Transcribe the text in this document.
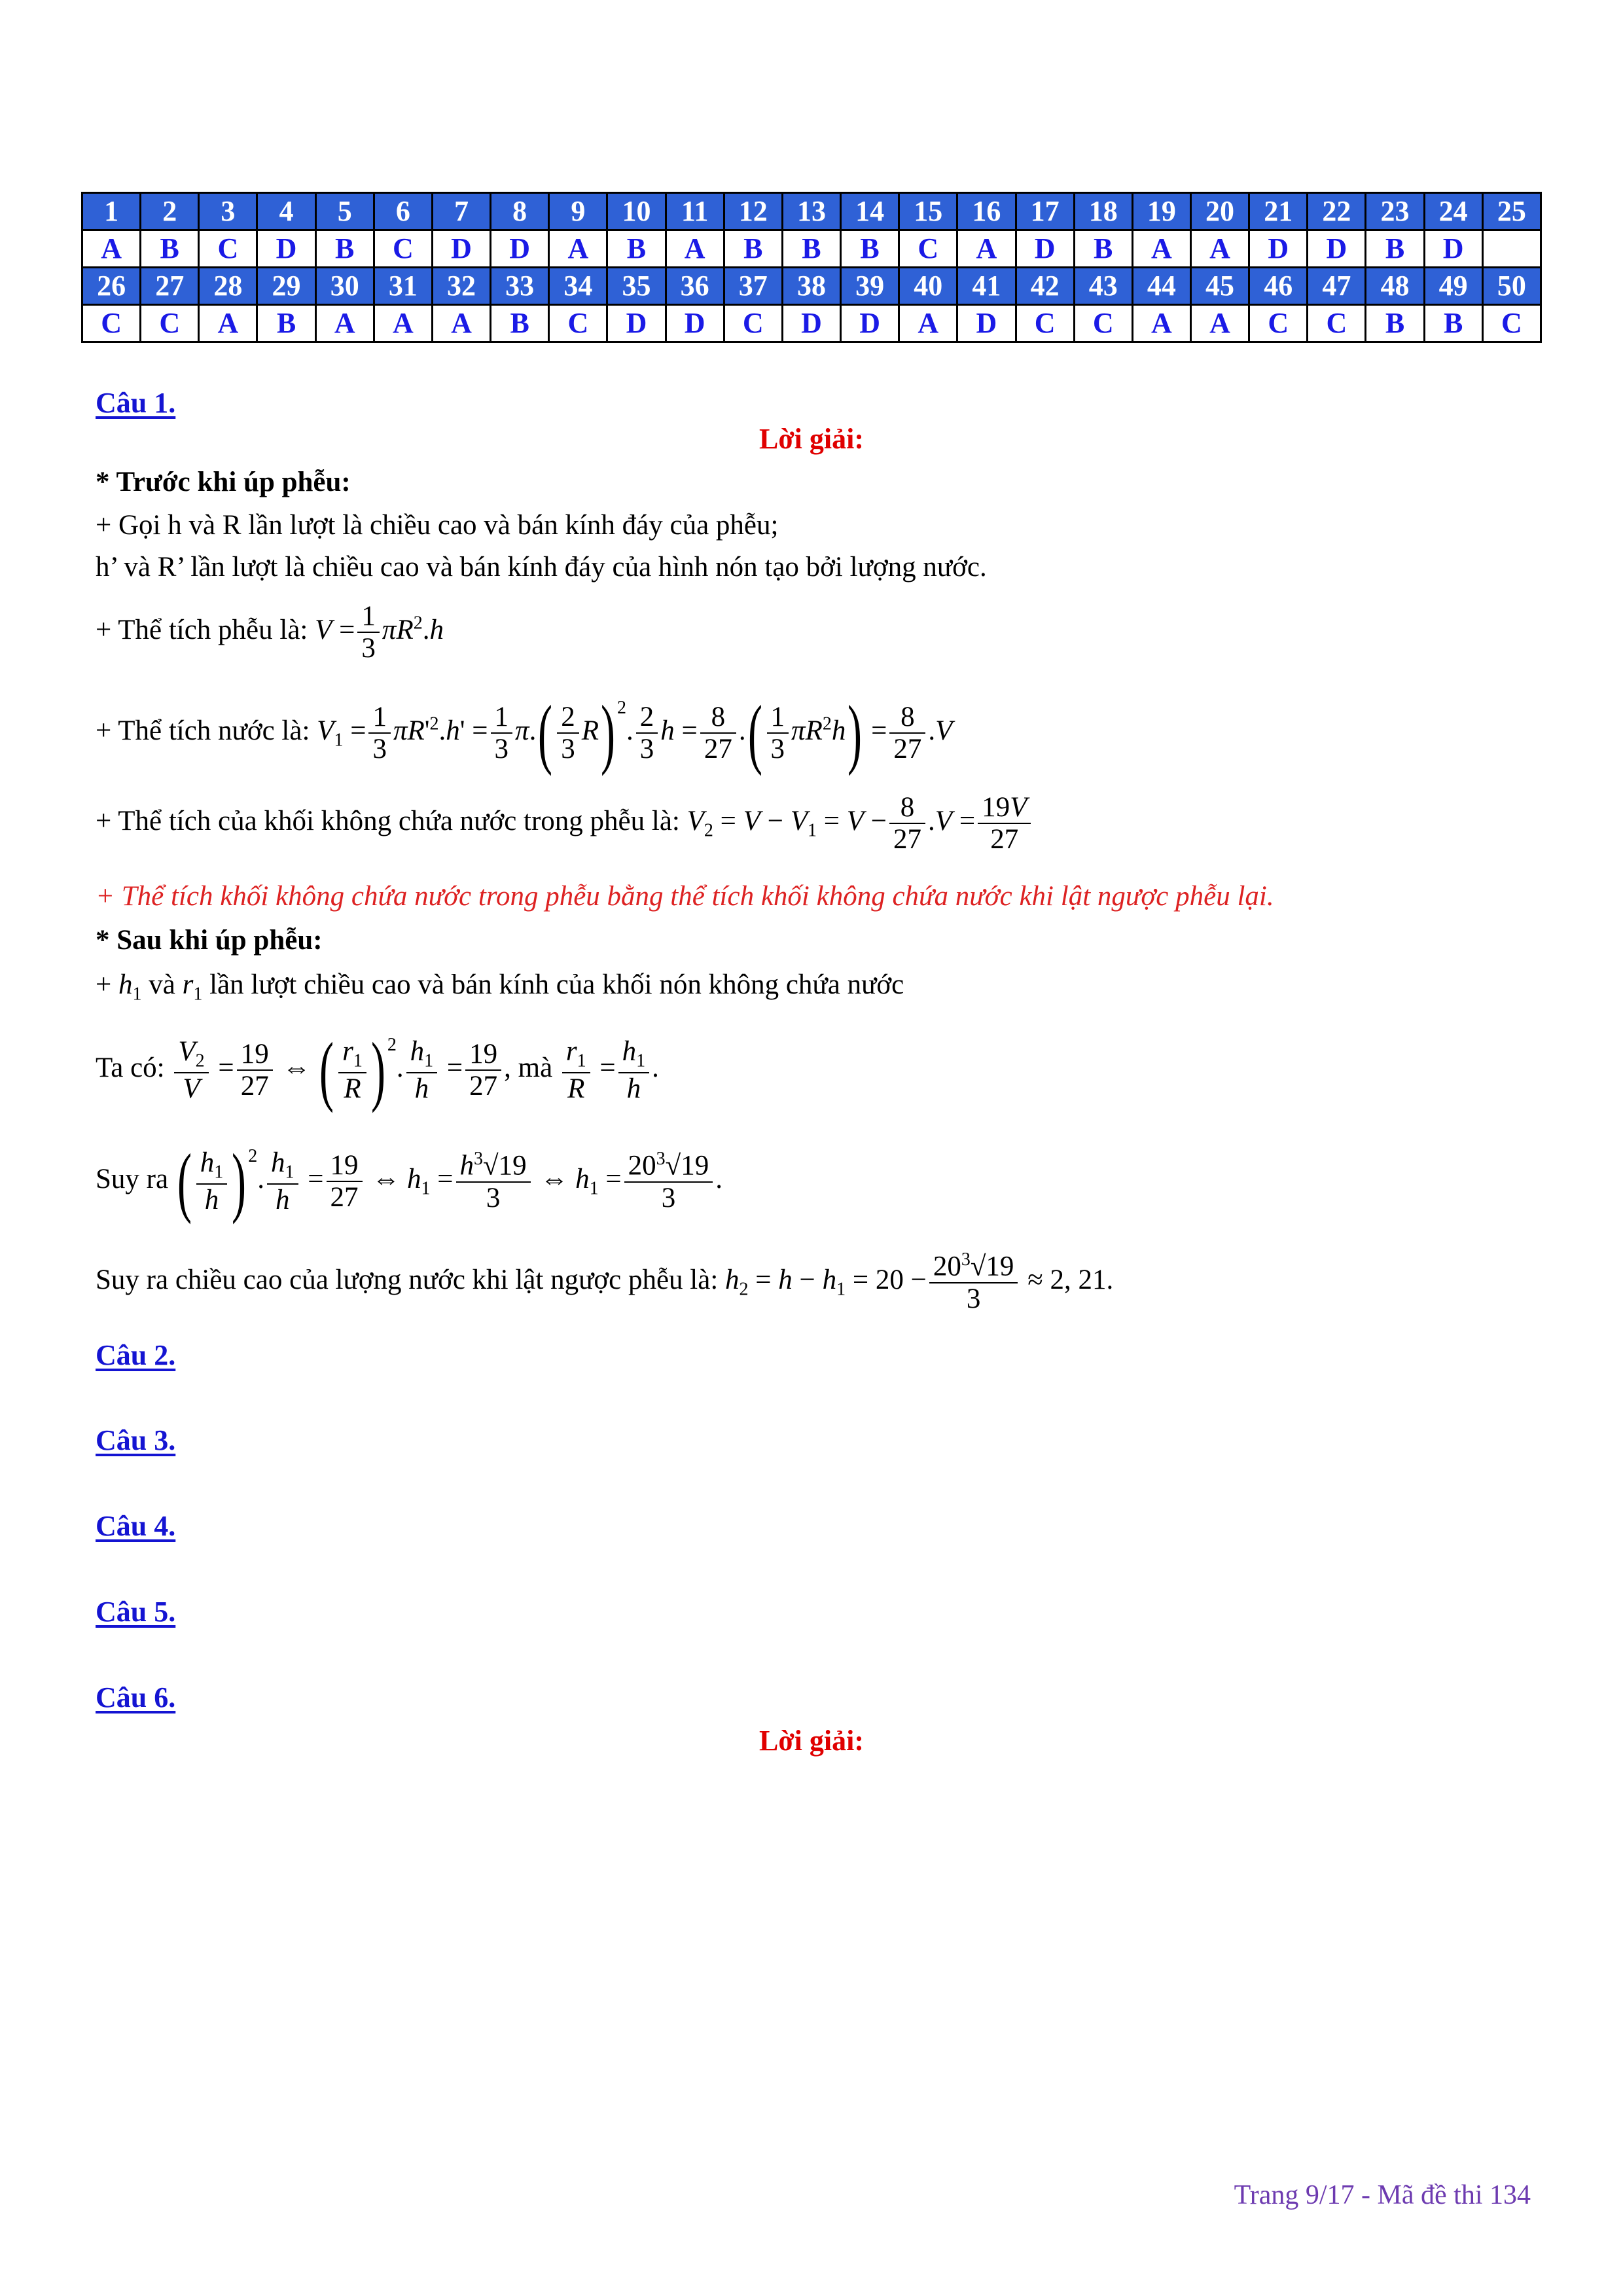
1	2	3	4	5	6	7	8	9	10	11	12	13	14	15	16	17	18	19	20	21	22	23	24	25
A	B	C	D	B	C	D	D	A	B	A	B	B	B	C	A	D	B	A	A	D	D	B	D	
26	27	28	29	30	31	32	33	34	35	36	37	38	39	40	41	42	43	44	45	46	47	48	49	50
C	C	A	B	A	A	A	B	C	D	D	C	D	D	A	D	C	C	A	A	C	C	B	B	C
Câu 1.
Lời giải:
* Trước khi úp phễu:
+ Gọi h và R lần lượt là chiều cao và bán kính đáy của phễu;
h’ và R’ lần lượt là chiều cao và bán kính đáy của hình nón tạo bởi lượng nước.
+ Thể tích phễu là: $V = \frac{1}{3} \pi R^2.h$
+ Thể tích nước là: $V_1 = \frac{1}{3} \pi R'^2.h' = \frac{1}{3} \pi.( \frac{2}{3} R)$ $^2$. $\frac{2}{3}$ $h = \frac{8}{27}$ .( $\frac{1}{3} \pi R^2h) = \frac{8}{27} .V$
+ Thể tích của khối không chứa nước trong phễu là: $V_2 = V - V_1 = V - \frac{8}{27} .V = \frac{19V}{27}$
+ Thể tích khối không chứa nước trong phễu bằng thể tích khối không chứa nước khi lật ngược phễu lại.
* Sau khi úp phễu:
+ $h_1$ và $r_1$ lần lượt chiều cao và bán kính của khối nón không chứa nước
Ta có: $\frac{V_2}{V} = \frac{19}{27}$ ⇔ ( $\frac{r_1}{R}$ ) $^2$. $\frac{h_1}{h} = \frac{19}{27}$ , mà $\frac{r_1}{R} = \frac{h_1}{h}$ .
Suy ra ( $\frac{h_1}{h}$ ) $^2$. $\frac{h_1}{h} = \frac{19}{27}$ ⇔ $h_1 = \frac{h^3√19}{3}$ ⇔ $h_1 = \frac{20^3√19}{3}$ .
Suy ra chiều cao của lượng nước khi lật ngược phễu là: $h_2 = h - h_1 = 20 - \frac{20^3√19}{3} \approx 2$, 21.
Câu 2.
Câu 3.
Câu 4.
Câu 5.
Câu 6.
Lời giải:
Trang 9/17 - Mã đề thi 134
